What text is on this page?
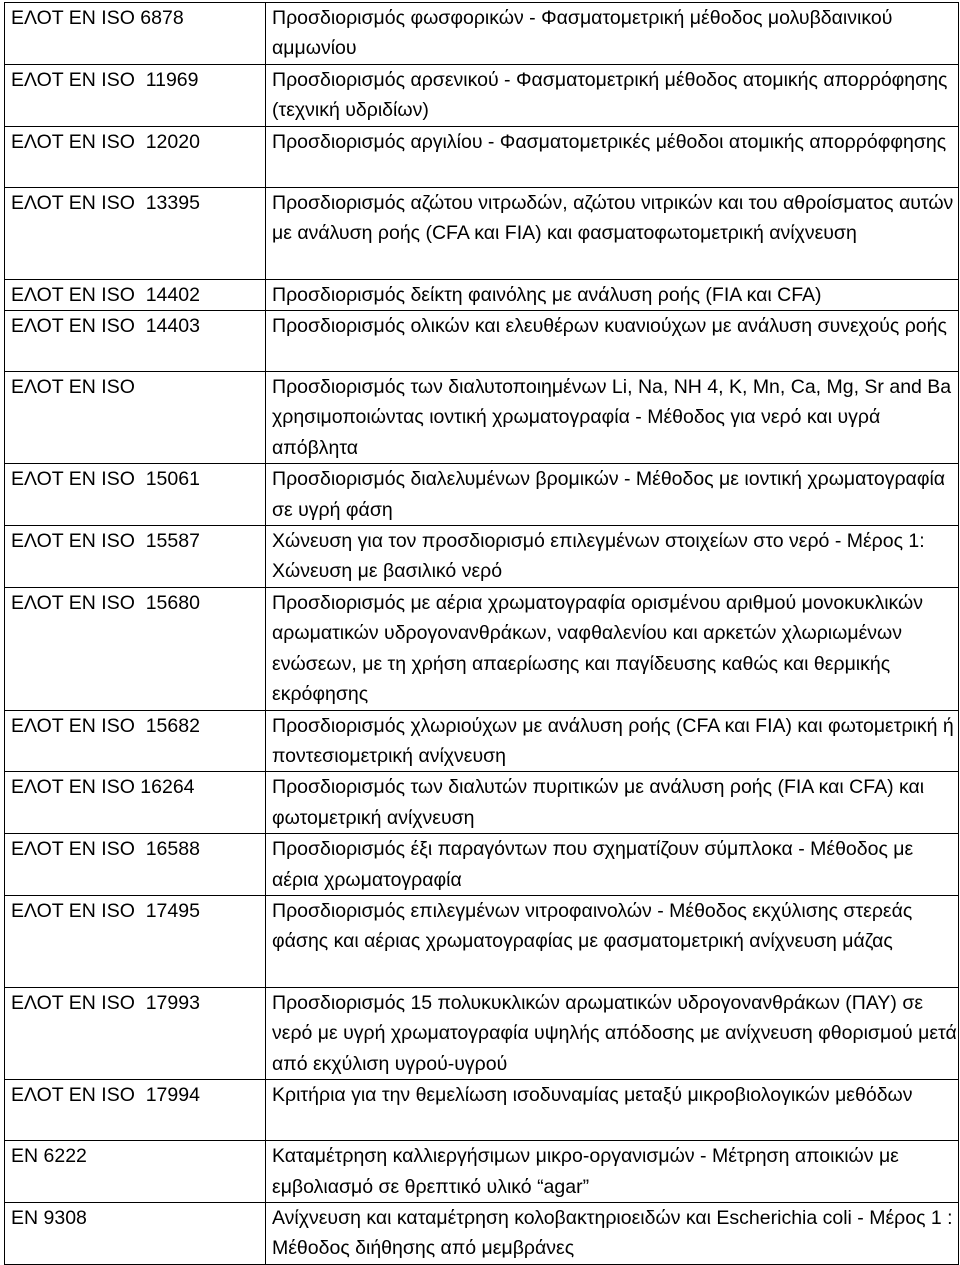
ΕΛΟΤ ΕΝ ISO 6878	Προσδιορισμός φωσφορικών - Φασματομετρική μέθοδος μολυβδαινικού αμμωνίου
ΕΛΟΤ ΕΝ ISO  11969	Προσδιορισμός αρσενικού - Φασματομετρική μέθοδος ατομικής απορρόφησης (τεχνική υδριδίων)
ΕΛΟΤ ΕΝ ISO  12020	Προσδιορισμός αργιλίου - Φασματομετρικές μέθοδοι ατομικής απορρόφφησης
ΕΛΟΤ ΕΝ ISO  13395	Προσδιορισμός αζώτου νιτρωδών, αζώτου νιτρικών και του αθροίσματος αυτών με ανάλυση ροής (CFA και FIA) και φασματοφωτομετρική ανίχνευση
ΕΛΟΤ ΕΝ ISO  14402	Προσδιορισμός δείκτη φαινόλης με ανάλυση ροής (FIA και CFA)
ΕΛΟΤ ΕΝ ISO  14403	Προσδιορισμός ολικών και ελευθέρων κυανιούχων με ανάλυση συνεχούς ροής
ΕΛΟΤ ΕΝ ISO	Προσδιορισμός των διαλυτοποιημένων Li, Na, NH 4, K, Mn, Ca, Mg, Sr and Ba χρησιμοποιώντας ιοντική χρωματογραφία - Μέθοδος για νερό και υγρά απόβλητα
ΕΛΟΤ ΕΝ ISO  15061	Προσδιορισμός διαλελυμένων βρομικών - Μέθοδος με ιοντική χρωματογραφία σε υγρή φάση
ΕΛΟΤ ΕΝ ISO  15587	Χώνευση για τον προσδιορισμό επιλεγμένων στοιχείων στο νερό - Μέρος 1: Χώνευση με βασιλικό νερό
ΕΛΟΤ ΕΝ ISO  15680	Προσδιορισμός με αέρια χρωματογραφία ορισμένου αριθμού μονοκυκλικών αρωματικών υδρογονανθράκων, ναφθαλενίου και αρκετών χλωριωμένων ενώσεων, με τη χρήση απαερίωσης και παγίδευσης καθώς και θερμικής εκρόφησης
ΕΛΟΤ ΕΝ ISO  15682	Προσδιορισμός χλωριούχων με ανάλυση ροής (CFA και FIA) και φωτομετρική ή ποντεσιομετρική ανίχνευση
ΕΛΟΤ ΕΝ ISO 16264	Προσδιορισμός των διαλυτών πυριτικών με ανάλυση ροής (FIA και CFA) και φωτομετρική ανίχνευση
ΕΛΟΤ ΕΝ ISO  16588	Προσδιορισμός έξι παραγόντων που σχηματίζουν σύμπλοκα - Μέθοδος με αέρια χρωματογραφία
ΕΛΟΤ ΕΝ ISO  17495	Προσδιορισμός επιλεγμένων νιτροφαινολών - Μέθοδος εκχύλισης στερεάς φάσης και αέριας χρωματογραφίας με φασματομετρική ανίχνευση μάζας
ΕΛΟΤ ΕΝ ISO  17993	Προσδιορισμός 15 πολυκυκλικών αρωματικών υδρογονανθράκων (ΠΑΥ) σε νερό με υγρή χρωματογραφία υψηλής απόδοσης με ανίχνευση φθορισμού μετά από εκχύλιση υγρού-υγρού
ΕΛΟΤ ΕΝ ISO  17994	Κριτήρια για την θεμελίωση ισοδυναμίας μεταξύ μικροβιολογικών μεθόδων
ΕΝ 6222	Καταμέτρηση καλλιεργήσιμων μικρο-οργανισμών - Μέτρηση αποικιών με εμβολιασμό σε θρεπτικό υλικό “agar”
ΕΝ 9308	Ανίχνευση και καταμέτρηση κολοβακτηριοειδών και Escherichia coli - Μέρος 1 : Μέθοδος διήθησης από μεμβράνες
